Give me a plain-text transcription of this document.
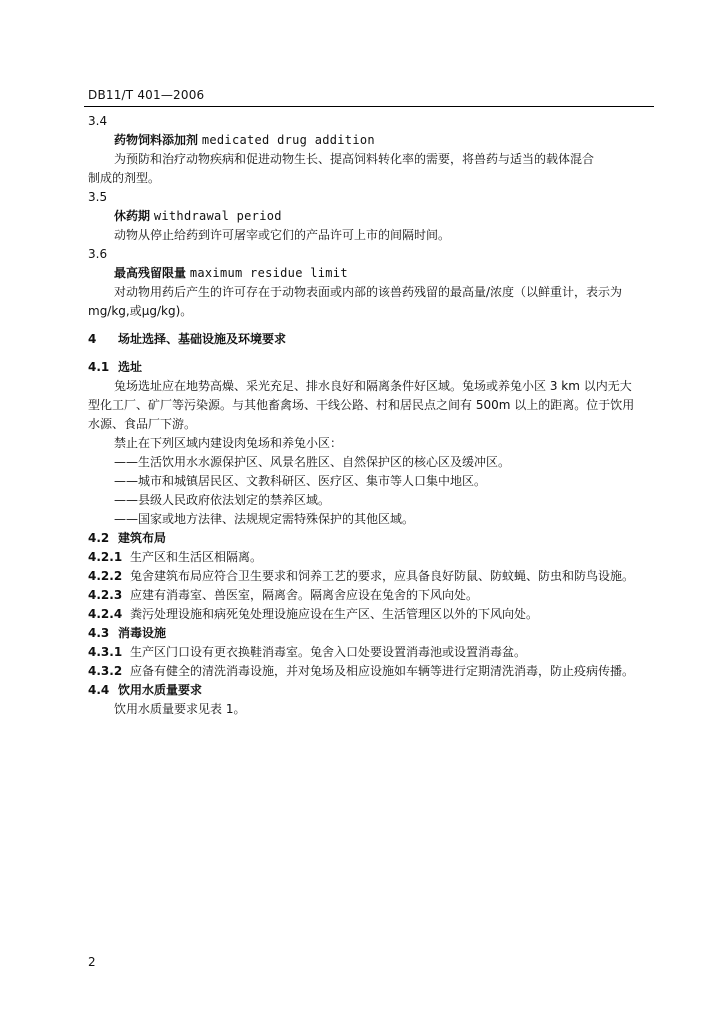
DB11/T 401—2006
3.4
药物饲料添加剂 medicated drug addition
为预防和治疗动物疾病和促进动物生长、提高饲料转化率的需要，将兽药与适当的载体混合
制成的剂型。
3.5
休药期 withdrawal period
动物从停止给药到许可屠宰或它们的产品许可上市的间隔时间。
3.6
最高残留限量 maximum residue limit
对动物用药后产生的许可存在于动物表面或内部的该兽药残留的最高量/浓度（以鲜重计，表示为
mg/kg,或μg/kg)。
4 场址选择、基础设施及环境要求
4.1 选址
兔场选址应在地势高燥、采光充足、排水良好和隔离条件好区域。兔场或养兔小区 3 km 以内无大
型化工厂、矿厂等污染源。与其他畜禽场、干线公路、村和居民点之间有 500m 以上的距离。位于饮用
水源、食品厂下游。
禁止在下列区域内建设肉兔场和养兔小区：
——生活饮用水水源保护区、风景名胜区、自然保护区的核心区及缓冲区。
——城市和城镇居民区、文教科研区、医疗区、集市等人口集中地区。
——县级人民政府依法划定的禁养区域。
——国家或地方法律、法规规定需特殊保护的其他区域。
4.2 建筑布局
4.2.1 生产区和生活区相隔离。
4.2.2 兔舍建筑布局应符合卫生要求和饲养工艺的要求，应具备良好防鼠、防蚊蝇、防虫和防鸟设施。
4.2.3 应建有消毒室、兽医室，隔离舍。隔离舍应设在兔舍的下风向处。
4.2.4 粪污处理设施和病死兔处理设施应设在生产区、生活管理区以外的下风向处。
4.3 消毒设施
4.3.1 生产区门口设有更衣换鞋消毒室。兔舍入口处要设置消毒池或设置消毒盆。
4.3.2 应备有健全的清洗消毒设施，并对兔场及相应设施如车辆等进行定期清洗消毒，防止疫病传播。
4.4 饮用水质量要求
饮用水质量要求见表 1。
2
